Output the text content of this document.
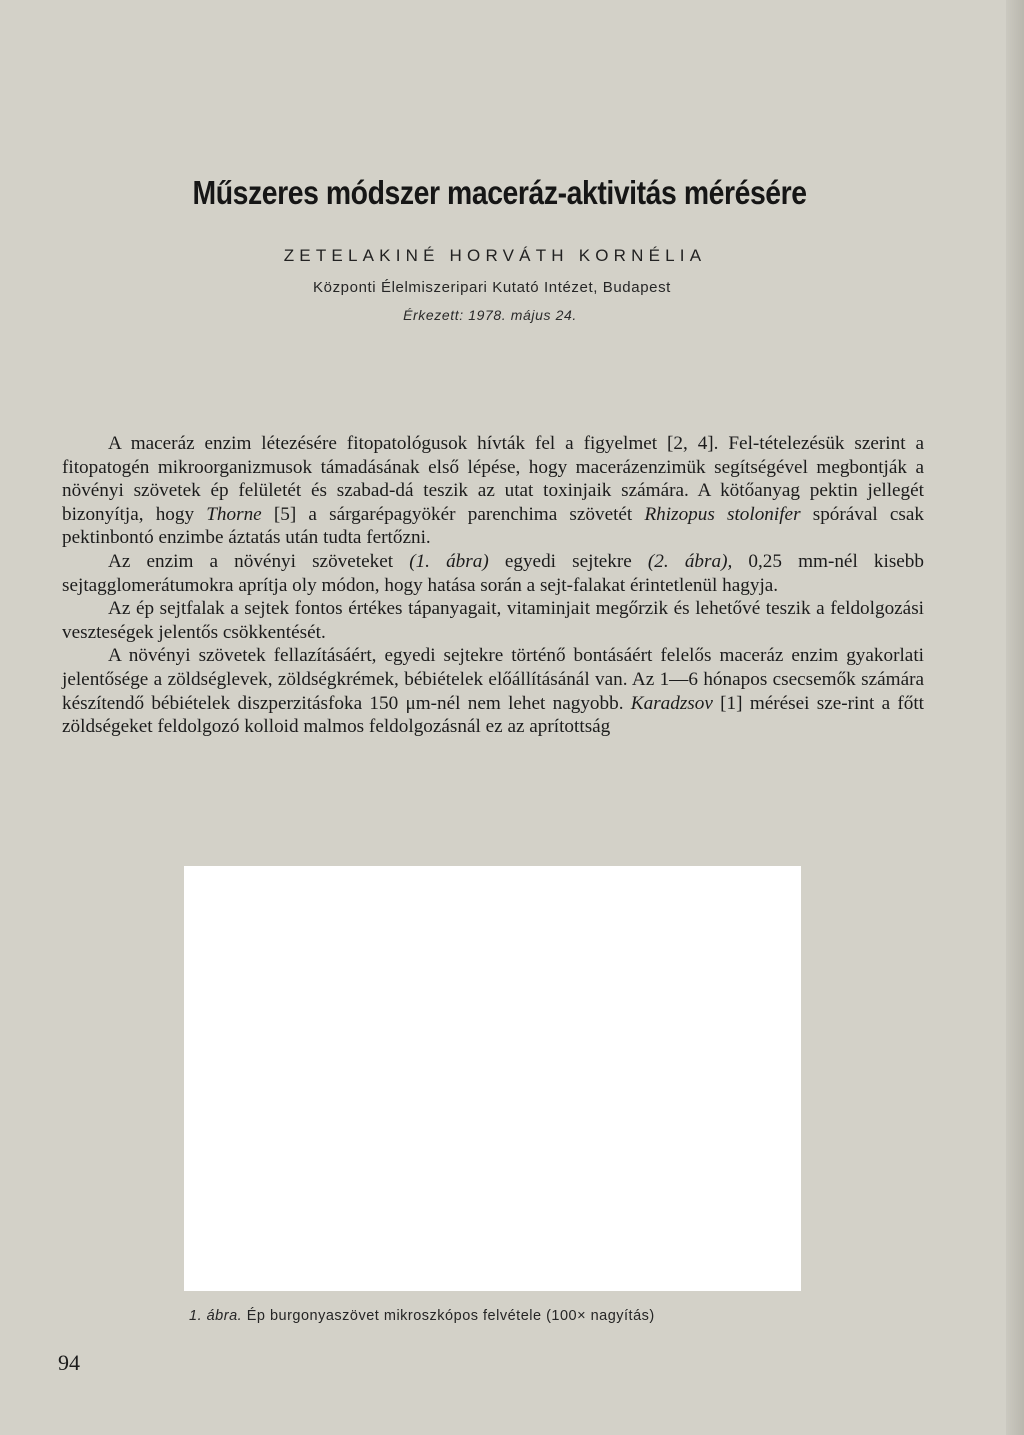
Műszeres módszer maceráz-aktivitás mérésére
ZETELAKINÉ HORVÁTH KORNÉLIA
Központi Élelmiszeripari Kutató Intézet, Budapest
Érkezett: 1978. május 24.

A maceráz enzim létezésére fitopatológusok hívták fel a figyelmet [2, 4]. Fel-tételezésük szerint a fitopatogén mikroorganizmusok támadásának első lépése, hogy macerázenzimük segítségével megbontják a növényi szövetek ép felületét és szabad-dá teszik az utat toxinjaik számára. A kötőanyag pektin jellegét bizonyítja, hogy Thorne [5] a sárgarépagyökér parenchima szövetét Rhizopus stolonifer spórával csak pektinbontó enzimbe áztatás után tudta fertőzni.

Az enzim a növényi szöveteket (1. ábra) egyedi sejtekre (2. ábra), 0,25 mm-nél kisebb sejtagglomerátumokra aprítja oly módon, hogy hatása során a sejt-falakat érintetlenül hagyja.

Az ép sejtfalak a sejtek fontos értékes tápanyagait, vitaminjait megőrzik és lehetővé teszik a feldolgozási veszteségek jelentős csökkentését.

A növényi szövetek fellazításáért, egyedi sejtekre történő bontásáért felelős maceráz enzim gyakorlati jelentősége a zöldséglevek, zöldségkrémek, bébiételek előállításánál van. Az 1—6 hónapos csecsemők számára készítendő bébiételek diszperzitásfoka 150 μm-nél nem lehet nagyobb. Karadzsov [1] mérései sze-rint a főtt zöldségeket feldolgozó kolloid malmos feldolgozásnál ez az aprítottság

1. ábra. Ép burgonyaszövet mikroszkópos felvétele (100× nagyítás)
94
